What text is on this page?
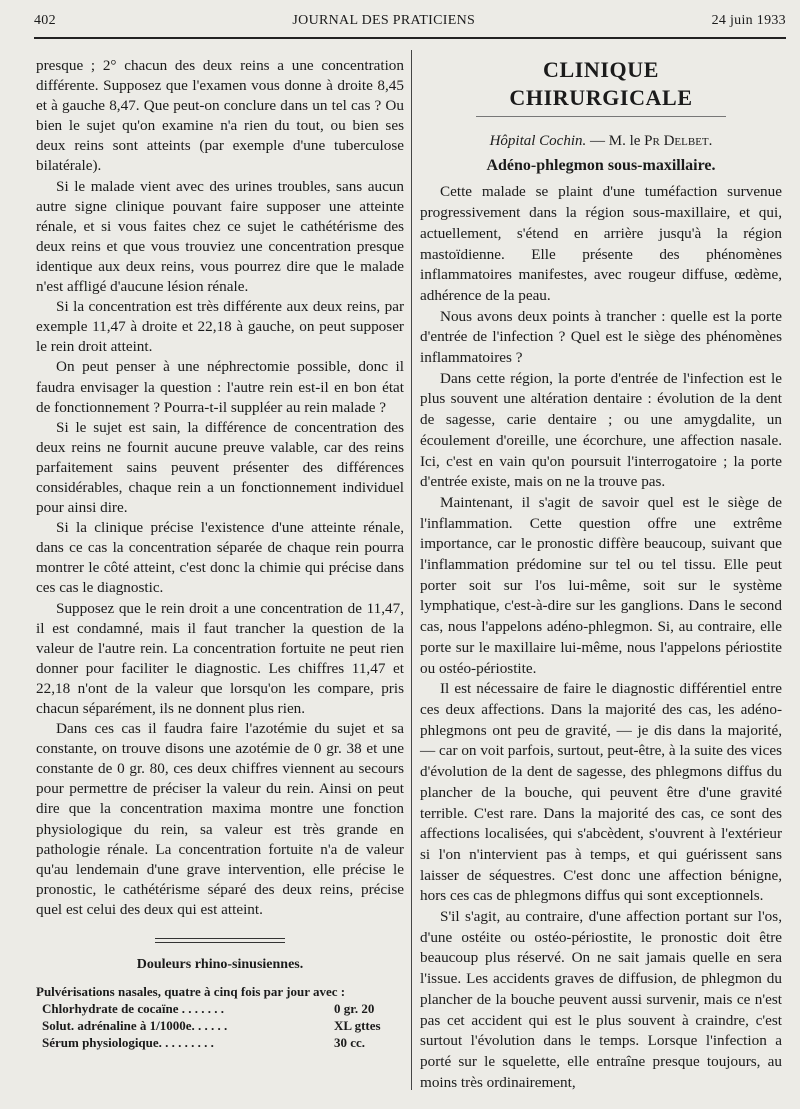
402	JOURNAL DES PRATICIENS	24 juin 1933

presque ; 2° chacun des deux reins a une concentration différente. Supposez que l'examen vous donne à droite 8,45 et à gauche 8,47. Que peut-on conclure dans un tel cas ? Ou bien le sujet qu'on examine n'a rien du tout, ou bien ses deux reins sont atteints (par exemple d'une tuberculose bilatérale).

Si le malade vient avec des urines troubles, sans aucun autre signe clinique pouvant faire supposer une atteinte rénale, et si vous faites chez ce sujet le cathétérisme des deux reins et que vous trouviez une concentration presque identique aux deux reins, vous pourrez dire que le malade n'est affligé d'aucune lésion rénale.

Si la concentration est très différente aux deux reins, par exemple 11,47 à droite et 22,18 à gauche, on peut supposer le rein droit atteint.

On peut penser à une néphrectomie possible, donc il faudra envisager la question : l'autre rein est-il en bon état de fonctionnement ? Pourra-t-il suppléer au rein malade ?

Si le sujet est sain, la différence de concentration des deux reins ne fournit aucune preuve valable, car des reins parfaitement sains peuvent présenter des différences considérables, chaque rein a un fonctionnement individuel pour ainsi dire.

Si la clinique précise l'existence d'une atteinte rénale, dans ce cas la concentration séparée de chaque rein pourra montrer le côté atteint, c'est donc la chimie qui précise dans ces cas le diagnostic.

Supposez que le rein droit a une concentration de 11,47, il est condamné, mais il faut trancher la question de la valeur de l'autre rein. La concentration fortuite ne peut rien donner pour faciliter le diagnostic. Les chiffres 11,47 et 22,18 n'ont de la valeur que lorsqu'on les compare, pris chacun séparément, ils ne donnent plus rien.

Dans ces cas il faudra faire l'azotémie du sujet et sa constante, on trouve disons une azotémie de 0 gr. 38 et une constante de 0 gr. 80, ces deux chiffres viennent au secours pour permettre de préciser la valeur du rein. Ainsi on peut dire que la concentration maxima montre une fonction physiologique du rein, sa valeur est très grande en pathologie rénale. La concentration fortuite n'a de valeur qu'au lendemain d'une grave intervention, elle précise le pronostic, le cathétérisme séparé des deux reins, précise quel est celui des deux qui est atteint.

Douleurs rhino-sinusiennes.

Pulvérisations nasales, quatre à cinq fois par jour avec :

Chlorhydrate de cocaïne . . . . . . .	0 gr. 20
Solut. adrénaline à 1/1000e. . . . . .	XL gttes
Sérum physiologique. . . . . . . . .	30 cc.
CLINIQUE CHIRURGICALE
Hôpital Cochin. — M. le Pr Delbet.
Adéno-phlegmon sous-maxillaire.

Cette malade se plaint d'une tuméfaction survenue progressivement dans la région sous-maxillaire, et qui, actuellement, s'étend en arrière jusqu'à la région mastoïdienne. Elle présente des phénomènes inflammatoires manifestes, avec rougeur diffuse, œdème, adhérence de la peau.

Nous avons deux points à trancher : quelle est la porte d'entrée de l'infection ? Quel est le siège des phénomènes inflammatoires ?

Dans cette région, la porte d'entrée de l'infection est le plus souvent une altération dentaire : évolution de la dent de sagesse, carie dentaire ; ou une amygdalite, un écoulement d'oreille, une écorchure, une affection nasale. Ici, c'est en vain qu'on poursuit l'interrogatoire ; la porte d'entrée existe, mais on ne la trouve pas.

Maintenant, il s'agit de savoir quel est le siège de l'inflammation. Cette question offre une extrême importance, car le pronostic diffère beaucoup, suivant que l'inflammation prédomine sur tel ou tel tissu. Elle peut porter soit sur l'os lui-même, soit sur le système lymphatique, c'est-à-dire sur les ganglions. Dans le second cas, nous l'appelons adéno-phlegmon. Si, au contraire, elle porte sur le maxillaire lui-même, nous l'appelons périostite ou ostéo-périostite.

Il est nécessaire de faire le diagnostic différentiel entre ces deux affections. Dans la majorité des cas, les adéno-phlegmons ont peu de gravité, — je dis dans la majorité, — car on voit parfois, surtout, peut-être, à la suite des vices d'évolution de la dent de sagesse, des phlegmons diffus du plancher de la bouche, qui peuvent être d'une gravité terrible. C'est rare. Dans la majorité des cas, ce sont des affections localisées, qui s'abcèdent, s'ouvrent à l'extérieur si l'on n'intervient pas à temps, et qui guérissent sans laisser de séquestres. C'est donc une affection bénigne, hors ces cas de phlegmons diffus qui sont exceptionnels.

S'il s'agit, au contraire, d'une affection portant sur l'os, d'une ostéite ou ostéo-périostite, le pronostic doit être beaucoup plus réservé. On ne sait jamais quelle en sera l'issue. Les accidents graves de diffusion, de phlegmon du plancher de la bouche peuvent aussi survenir, mais ce n'est pas cet accident qui est le plus souvent à craindre, c'est surtout l'évolution dans le temps. Lorsque l'infection a porté sur le squelette, elle entraîne presque toujours, au moins très ordinairement,
